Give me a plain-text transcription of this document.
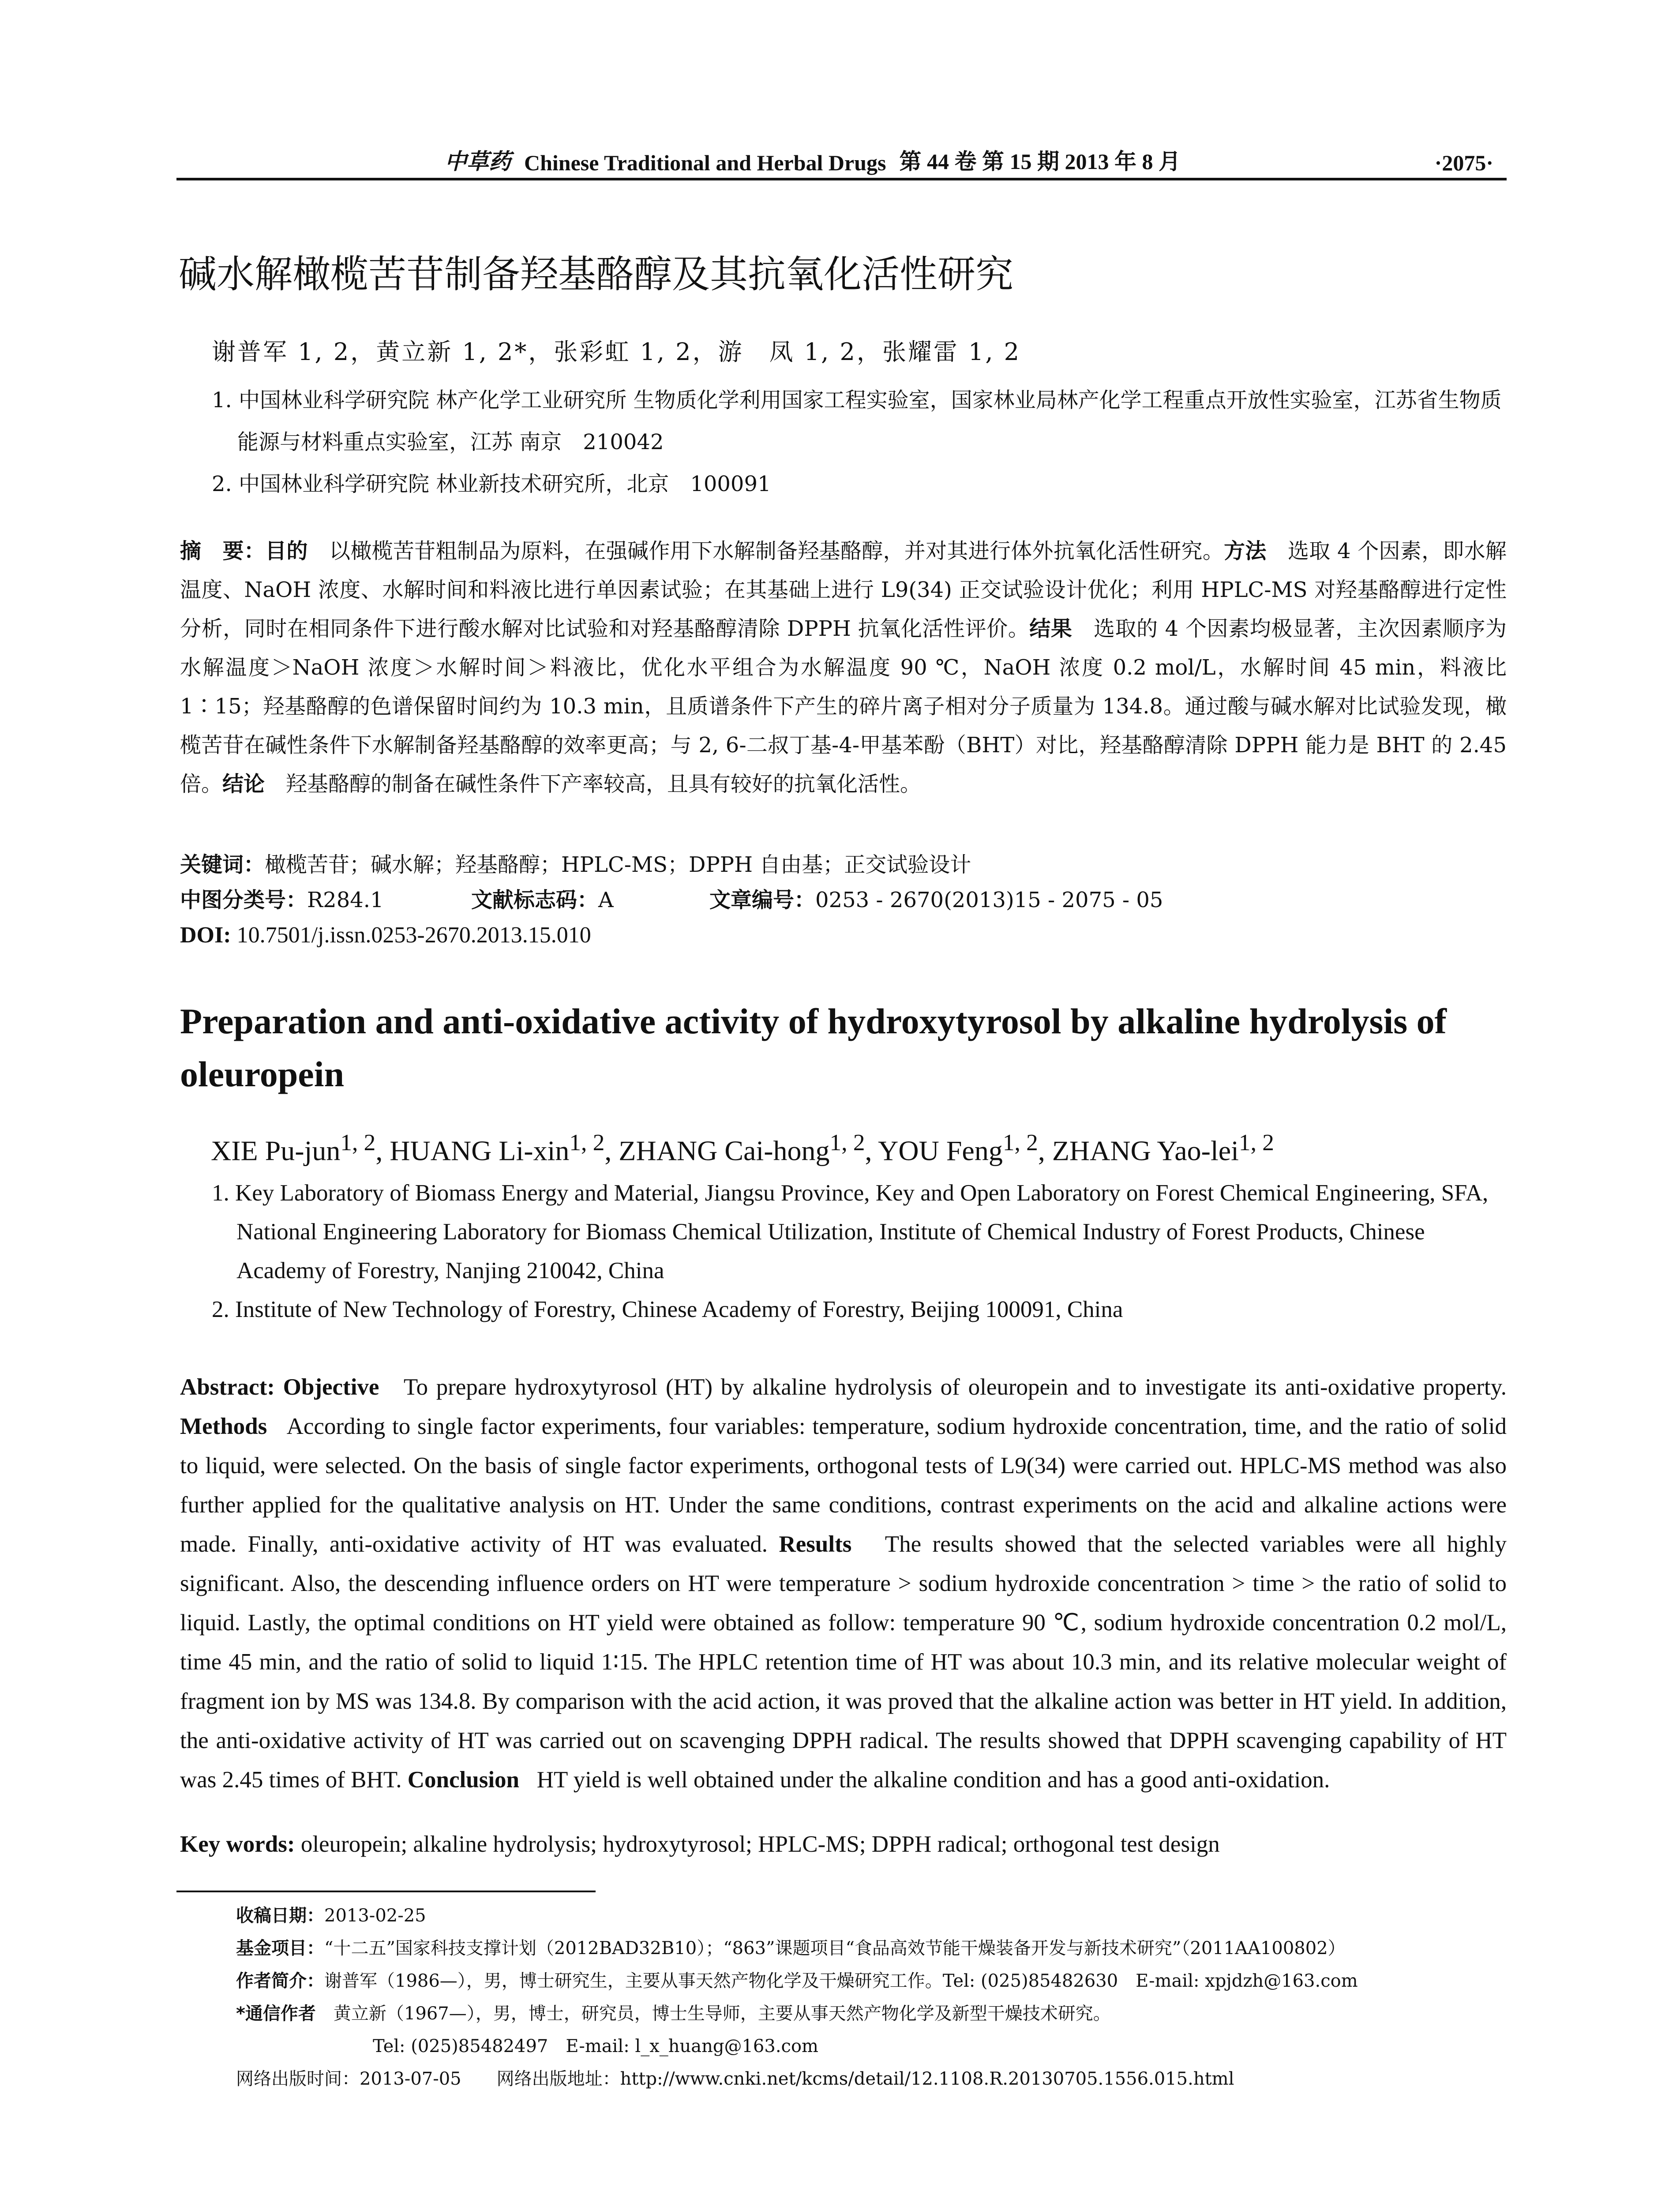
中草药 Chinese Traditional and Herbal Drugs 第 44 卷 第 15 期 2013 年 8 月	·2075·
碱水解橄榄苦苷制备羟基酪醇及其抗氧化活性研究
谢普军 1, 2，黄立新 1, 2*，张彩虹 1, 2，游　凤 1, 2，张耀雷 1, 2
1. 中国林业科学研究院 林产化学工业研究所 生物质化学利用国家工程实验室，国家林业局林产化学工程重点开放性实验室，江苏省生物质能源与材料重点实验室，江苏 南京　210042
2. 中国林业科学研究院 林业新技术研究所，北京　100091
摘　要：目的　 以橄榄苦苷粗制品为原料，在强碱作用下水解制备羟基酪醇，并对其进行体外抗氧化活性研究。方法　 选取 4 个因素，即水解温度、NaOH 浓度、水解时间和料液比进行单因素试验；在其基础上进行 L9(34) 正交试验设计优化；利用 HPLC-MS 对羟基酪醇进行定性分析，同时在相同条件下进行酸水解对比试验和对羟基酪醇清除 DPPH 抗氧化活性评价。结果　 选取的 4 个因素均极显著，主次因素顺序为水解温度＞NaOH 浓度＞水解时间＞料液比，优化水平组合为水解温度 90 ℃，NaOH 浓度 0.2 mol/L，水解时间 45 min，料液比 1∶15；羟基酪醇的色谱保留时间约为 10.3 min，且质谱条件下产生的碎片离子相对分子质量为 134.8。通过酸与碱水解对比试验发现，橄榄苦苷在碱性条件下水解制备羟基酪醇的效率更高；与 2, 6-二叔丁基-4-甲基苯酚（BHT）对比，羟基酪醇清除 DPPH 能力是 BHT 的 2.45 倍。结论　 羟基酪醇的制备在碱性条件下产率较高，且具有较好的抗氧化活性。
关键词：橄榄苦苷；碱水解；羟基酪醇；HPLC-MS；DPPH 自由基；正交试验设计
中图分类号：R284.1	文献标志码：A	文章编号：0253 - 2670(2013)15 - 2075 - 05
DOI: 10.7501/j.issn.0253-2670.2013.15.010
Preparation and anti-oxidative activity of hydroxytyrosol by alkaline hydrolysis of oleuropein
XIE Pu-jun$^{1, 2}$, HUANG Li-xin$^{1, 2}$, ZHANG Cai-hong$^{1, 2}$, YOU Feng$^{1, 2}$, ZHANG Yao-lei$^{1, 2}$
1. Key Laboratory of Biomass Energy and Material, Jiangsu Province, Key and Open Laboratory on Forest Chemical Engineering, SFA, National Engineering Laboratory for Biomass Chemical Utilization, Institute of Chemical Industry of Forest Products, Chinese Academy of Forestry, Nanjing 210042, China
2. Institute of New Technology of Forestry, Chinese Academy of Forestry, Beijing 100091, China
Abstract: Objective To prepare hydroxytyrosol (HT) by alkaline hydrolysis of oleuropein and to investigate its anti-oxidative property. Methods According to single factor experiments, four variables: temperature, sodium hydroxide concentration, time, and the ratio of solid to liquid, were selected. On the basis of single factor experiments, orthogonal tests of L9(34) were carried out. HPLC-MS method was also further applied for the qualitative analysis on HT. Under the same conditions, contrast experiments on the acid and alkaline actions were made. Finally, anti-oxidative activity of HT was evaluated. Results The results showed that the selected variables were all highly significant. Also, the descending influence orders on HT were temperature > sodium hydroxide concentration > time > the ratio of solid to liquid. Lastly, the optimal conditions on HT yield were obtained as follow: temperature 90 ℃, sodium hydroxide concentration 0.2 mol/L, time 45 min, and the ratio of solid to liquid 1∶15. The HPLC retention time of HT was about 10.3 min, and its relative molecular weight of fragment ion by MS was 134.8. By comparison with the acid action, it was proved that the alkaline action was better in HT yield. In addition, the anti-oxidative activity of HT was carried out on scavenging DPPH radical. The results showed that DPPH scavenging capability of HT was 2.45 times of BHT. Conclusion HT yield is well obtained under the alkaline condition and has a good anti-oxidation.
Key words: oleuropein; alkaline hydrolysis; hydroxytyrosol; HPLC-MS; DPPH radical; orthogonal test design
收稿日期：2013-02-25
基金项目：“十二五”国家科技支撑计划（2012BAD32B10）；“863”课题项目“食品高效节能干燥装备开发与新技术研究”（2011AA100802）
作者简介：谢普军（1986—），男，博士研究生，主要从事天然产物化学及干燥研究工作。Tel: (025)85482630　E-mail: xpjdzh@163.com
*通信作者　 黄立新（1967—），男，博士，研究员，博士生导师，主要从事天然产物化学及新型干燥技术研究。
Tel: (025)85482497　E-mail: l_x_huang@163.com
网络出版时间：2013-07-05　　 网络出版地址：http://www.cnki.net/kcms/detail/12.1108.R.20130705.1556.015.html
